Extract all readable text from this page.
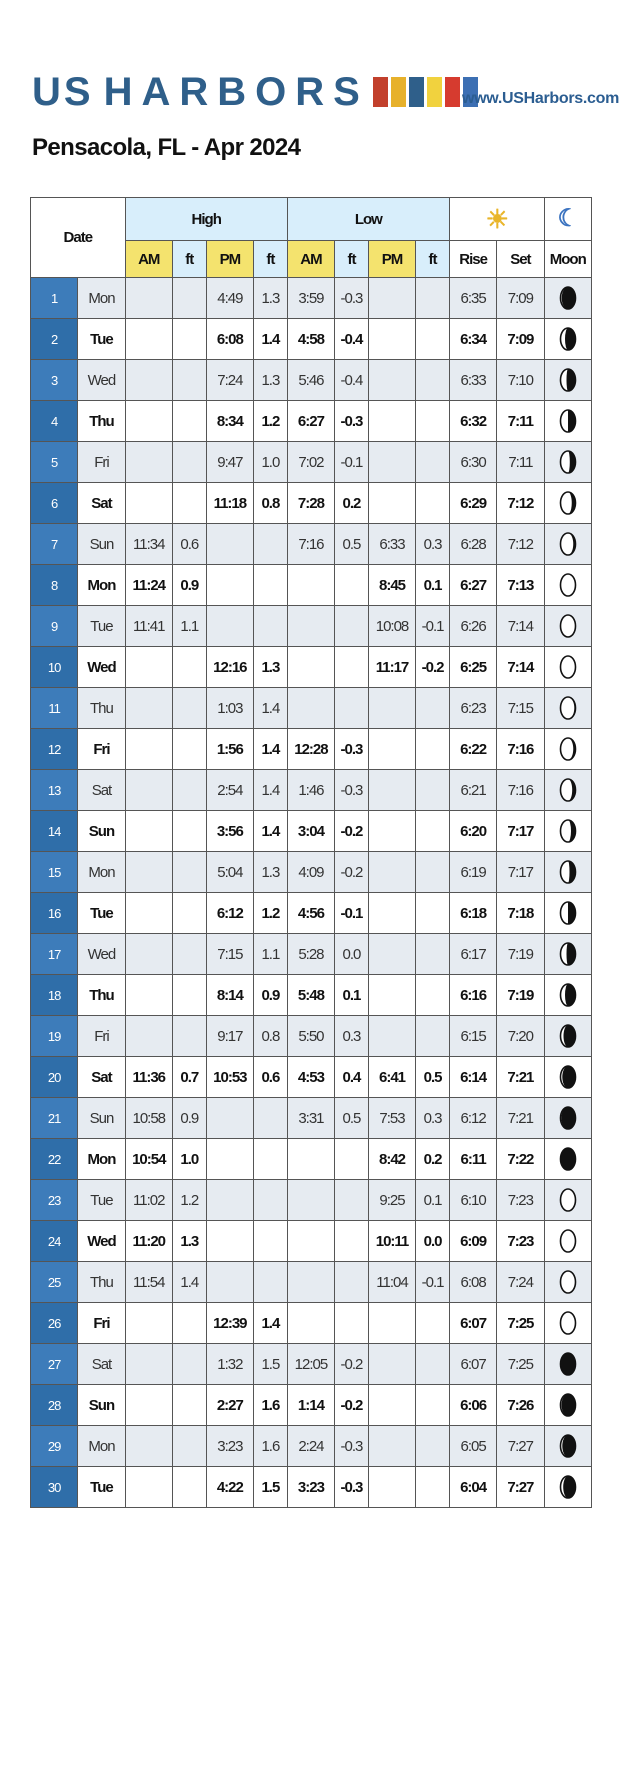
US HARBORS	www.USHarbors.com
Pensacola, FL - Apr 2024
Date		High				Low				☀		☾
		AM	ft	PM	ft	AM	ft	PM	ft	Rise	Set	Moon
1	Mon			4:49	1.3	3:59	-0.3			6:35	7:09	

2	Tue			6:08	1.4	4:58	-0.4			6:34	7:09	

3	Wed			7:24	1.3	5:46	-0.4			6:33	7:10	

4	Thu			8:34	1.2	6:27	-0.3			6:32	7:11	

5	Fri			9:47	1.0	7:02	-0.1			6:30	7:11	

6	Sat			11:18	0.8	7:28	0.2			6:29	7:12	

7	Sun	11:34	0.6			7:16	0.5	6:33	0.3	6:28	7:12	

8	Mon	11:24	0.9					8:45	0.1	6:27	7:13	

9	Tue	11:41	1.1					10:08	-0.1	6:26	7:14	

10	Wed			12:16	1.3			11:17	-0.2	6:25	7:14	

11	Thu			1:03	1.4					6:23	7:15	

12	Fri			1:56	1.4	12:28	-0.3			6:22	7:16	

13	Sat			2:54	1.4	1:46	-0.3			6:21	7:16	

14	Sun			3:56	1.4	3:04	-0.2			6:20	7:17	

15	Mon			5:04	1.3	4:09	-0.2			6:19	7:17	

16	Tue			6:12	1.2	4:56	-0.1			6:18	7:18	

17	Wed			7:15	1.1	5:28	0.0			6:17	7:19	

18	Thu			8:14	0.9	5:48	0.1			6:16	7:19	

19	Fri			9:17	0.8	5:50	0.3			6:15	7:20	

20	Sat	11:36	0.7	10:53	0.6	4:53	0.4	6:41	0.5	6:14	7:21	

21	Sun	10:58	0.9			3:31	0.5	7:53	0.3	6:12	7:21	

22	Mon	10:54	1.0					8:42	0.2	6:11	7:22	

23	Tue	11:02	1.2					9:25	0.1	6:10	7:23	

24	Wed	11:20	1.3					10:11	0.0	6:09	7:23	

25	Thu	11:54	1.4					11:04	-0.1	6:08	7:24	

26	Fri			12:39	1.4					6:07	7:25	

27	Sat			1:32	1.5	12:05	-0.2			6:07	7:25	

28	Sun			2:27	1.6	1:14	-0.2			6:06	7:26	

29	Mon			3:23	1.6	2:24	-0.3			6:05	7:27	

30	Tue			4:22	1.5	3:23	-0.3			6:04	7:27	
